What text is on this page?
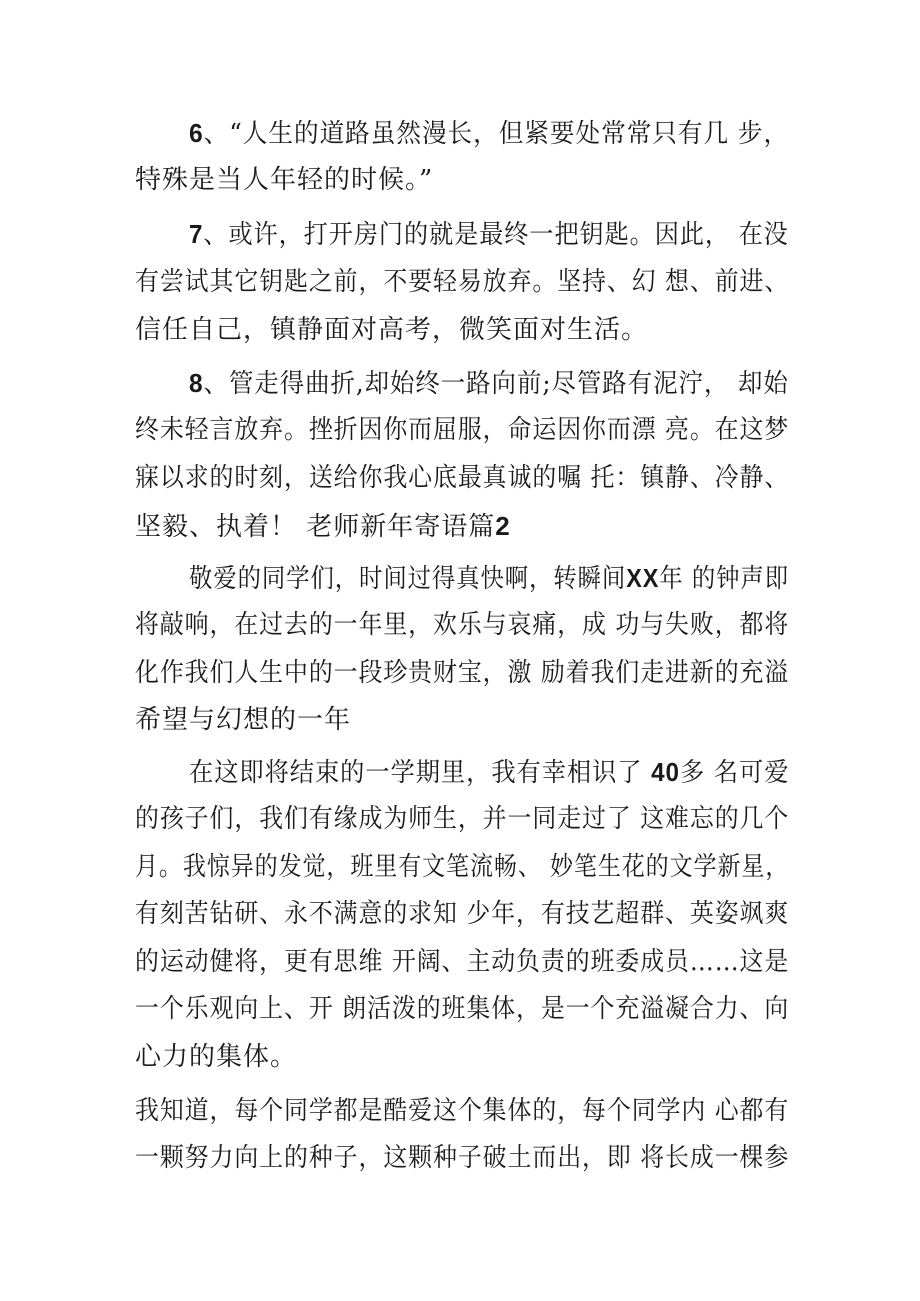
6、“人生的道路虽然漫长，但紧要处常常只有几 步，

特殊是当人年轻的时候。”

7、或许，打开房门的就是最终一把钥匙。因此， 在没

有尝试其它钥匙之前，不要轻易放弃。坚持、幻 想、前进、

信任自己，镇静面对高考，微笑面对生活。

8、管走得曲折,却始终一路向前;尽管路有泥泞， 却始

终未轻言放弃。挫折因你而屈服，命运因你而漂 亮。在这梦

寐以求的时刻，送给你我心底最真诚的嘱 托：镇静、冷静、

坚毅、执着！ 老师新年寄语篇2

敬爱的同学们，时间过得真快啊，转瞬间XX年 的钟声即

将敲响，在过去的一年里，欢乐与哀痛，成 功与失败，都将

化作我们人生中的一段珍贵财宝，激 励着我们走进新的充溢

希望与幻想的一年

在这即将结束的一学期里，我有幸相识了 40多 名可爱

的孩子们，我们有缘成为师生，并一同走过了 这难忘的几个

月。我惊异的发觉，班里有文笔流畅、 妙笔生花的文学新星，

有刻苦钻研、永不满意的求知 少年，有技艺超群、英姿飒爽

的运动健将，更有思维 开阔、主动负责的班委成员……这是

一个乐观向上、开 朗活泼的班集体，是一个充溢凝合力、向

心力的集体。

我知道，每个同学都是酷爱这个集体的，每个同学内 心都有

一颗努力向上的种子，这颗种子破土而出，即 将长成一棵参
